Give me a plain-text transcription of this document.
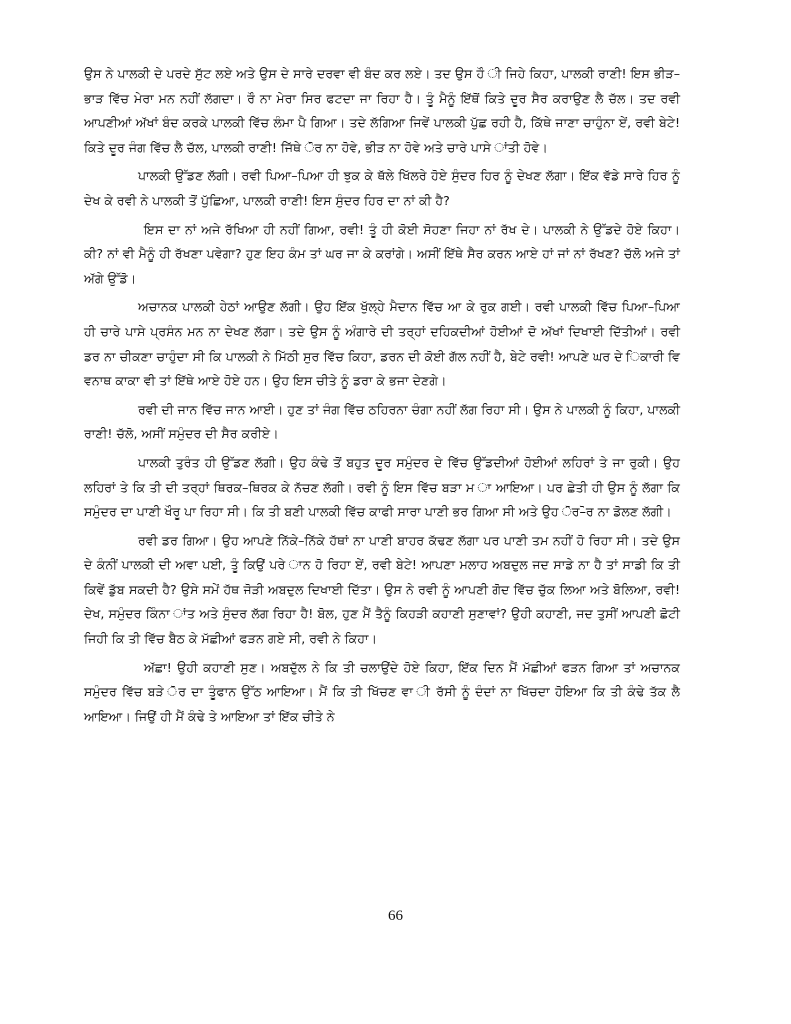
ਉਸ ਨੇ ਪਾਲਕੀ ਦੇ ਪਰਦੇ ਸੁੱਟ ਲਏ ਅਤੇ ਉਸ ਦੇ ਸਾਰੇ ਦਰਵਾ ਵੀ ਬੰਦ ਕਰ ਲਏ। ਤਦ ਉਸ ਹੌ ੀ ਜਿਹੇ ਕਿਹਾ, ਪਾਲਕੀ ਰਾਣੀ! ਇਸ ਭੀੜ–ਭਾੜ ਵਿੱਚ ਮੇਰਾ ਮਨ ਨਹੀਂ ਲੱਗਦਾ। ਰੌ ਨਾ ਮੇਰਾ ਸਿਰ ਫਟਦਾ ਜਾ ਰਿਹਾ ਹੈ। ਤੂੰ ਮੈਨੂੰ ਇੱਥੋਂ ਕਿਤੇ ਦੂਰ ਸੈਰ ਕਰਾਉਣ ਲੈ ਚੱਲ। ਤਦ ਰਵੀ ਆਪਣੀਆਂ ਅੱਖਾਂ ਬੰਦ ਕਰਕੇ ਪਾਲਕੀ ਵਿੱਚ ਲੰਮਾ ਪੈ ਗਿਆ। ਤਦੇ ਲੱਗਿਆ ਜਿਵੇਂ ਪਾਲਕੀ ਪੁੱਛ ਰਹੀ ਹੈ, ਕਿੱਥੇ ਜਾਣਾ ਚਾਹੁੰਨਾ ਏਂ, ਰਵੀ ਬੇਟੇ! ਕਿਤੇ ਦੂਰ ਜੰਗ ਵਿੱਚ ਲੈ ਚੱਲ, ਪਾਲਕੀ ਰਾਣੀ! ਜਿੱਥੇ ੋਰ ਨਾ ਹੋਵੇ, ਭੀੜ ਨਾ ਹੋਵੇ ਅਤੇ ਚਾਰੇ ਪਾਸੇ ਾਂਤੀ ਹੋਵੇ।

ਪਾਲਕੀ ਉੱਡਣ ਲੱਗੀ। ਰਵੀ ਪਿਆ–ਪਿਆ ਹੀ ਝੁਕ ਕੇ ਥੱਲੇ ਖਿੱਲਰੇ ਹੋਏ ਸੁੰਦਰ ਹਿਰ ਨੂੰ ਦੇਖਣ ਲੱਗਾ। ਇੱਕ ਵੱਡੇ ਸਾਰੇ ਹਿਰ ਨੂੰ ਦੇਖ ਕੇ ਰਵੀ ਨੇ ਪਾਲਕੀ ਤੋਂ ਪੁੱਛਿਆ, ਪਾਲਕੀ ਰਾਣੀ! ਇਸ ਸੁੰਦਰ ਹਿਰ ਦਾ ਨਾਂ ਕੀ ਹੈ?

ਇਸ ਦਾ ਨਾਂ ਅਜੇ ਰੱਖਿਆ ਹੀ ਨਹੀਂ ਗਿਆ, ਰਵੀ! ਤੂੰ ਹੀ ਕੋਈ ਸੋਹਣਾ ਜਿਹਾ ਨਾਂ ਰੱਖ ਦੇ। ਪਾਲਕੀ ਨੇ ਉੱਡਦੇ ਹੋਏ ਕਿਹਾ। ਕੀ? ਨਾਂ ਵੀ ਮੈਨੂੰ ਹੀ ਰੱਖਣਾ ਪਵੇਗਾ? ਹੁਣ ਇਹ ਕੰਮ ਤਾਂ ਘਰ ਜਾ ਕੇ ਕਰਾਂਗੇ। ਅਸੀਂ ਇੱਥੇ ਸੈਰ ਕਰਨ ਆਏ ਹਾਂ ਜਾਂ ਨਾਂ ਰੱਖਣ? ਚੱਲੋ ਅਜੇ ਤਾਂ ਅੱਗੇ ਉੱਡੋ।

ਅਚਾਨਕ ਪਾਲਕੀ ਹੇਠਾਂ ਆਉਣ ਲੱਗੀ। ਉਹ ਇੱਕ ਖੁੱਲ੍ਹੇ ਮੈਦਾਨ ਵਿੱਚ ਆ ਕੇ ਰੁਕ ਗਈ। ਰਵੀ ਪਾਲਕੀ ਵਿੱਚ ਪਿਆ–ਪਿਆ ਹੀ ਚਾਰੇ ਪਾਸੇ ਪ੍ਰਸੰਨ ਮਨ ਨਾ ਦੇਖਣ ਲੱਗਾ। ਤਦੇ ਉਸ ਨੂੰ ਅੰਗਾਰੇ ਦੀ ਤਰ੍ਹਾਂ ਦਹਿਕਦੀਆਂ ਹੋਈਆਂ ਦੋ ਅੱਖਾਂ ਦਿਖਾਈ ਦਿੱਤੀਆਂ। ਰਵੀ ਡਰ ਨਾ ਚੀਕਣਾ ਚਾਹੁੰਦਾ ਸੀ ਕਿ ਪਾਲਕੀ ਨੇ ਮਿੱਠੀ ਸੁਰ ਵਿੱਚ ਕਿਹਾ, ਡਰਨ ਦੀ ਕੋਈ ਗੱਲ ਨਹੀਂ ਹੈ, ਬੇਟੇ ਰਵੀ! ਆਪਣੇ ਘਰ ਦੇ ਿਕਾਰੀ ਵਿ ਵਨਾਥ ਕਾਕਾ ਵੀ ਤਾਂ ਇੱਥੇ ਆਏ ਹੋਏ ਹਨ। ਉਹ ਇਸ ਚੀਤੇ ਨੂੰ ਡਰਾ ਕੇ ਭਜਾ ਦੇਣਗੇ।

ਰਵੀ ਦੀ ਜਾਨ ਵਿੱਚ ਜਾਨ ਆਈ। ਹੁਣ ਤਾਂ ਜੰਗ ਵਿੱਚ ਠਹਿਰਨਾ ਚੰਗਾ ਨਹੀਂ ਲੱਗ ਰਿਹਾ ਸੀ। ਉਸ ਨੇ ਪਾਲਕੀ ਨੂੰ ਕਿਹਾ, ਪਾਲਕੀ ਰਾਣੀ! ਚੱਲੋ, ਅਸੀਂ ਸਮੁੰਦਰ ਦੀ ਸੈਰ ਕਰੀਏ।

ਪਾਲਕੀ ਤੁਰੰਤ ਹੀ ਉੱਡਣ ਲੱਗੀ। ਉਹ ਕੰਢੇ ਤੋਂ ਬਹੁਤ ਦੂਰ ਸਮੁੰਦਰ ਦੇ ਵਿੱਚ ਉੱਡਦੀਆਂ ਹੋਈਆਂ ਲਹਿਰਾਂ ਤੇ ਜਾ ਰੁਕੀ। ਉਹ ਲਹਿਰਾਂ ਤੇ ਕਿ ਤੀ ਦੀ ਤਰ੍ਹਾਂ ਥਿਰਕ–ਥਿਰਕ ਕੇ ਨੱਚਣ ਲੱਗੀ। ਰਵੀ ਨੂੰ ਇਸ ਵਿੱਚ ਬੜਾ ਮ ਾ ਆਇਆ। ਪਰ ਛੇਤੀ ਹੀ ਉਸ ਨੂੰ ਲੱਗਾ ਕਿ ਸਮੁੰਦਰ ਦਾ ਪਾਣੀ ਖੌਰੂ ਪਾ ਰਿਹਾ ਸੀ। ਕਿ ਤੀ ਬਣੀ ਪਾਲਕੀ ਵਿੱਚ ਕਾਫੀ ਸਾਰਾ ਪਾਣੀ ਭਰ ਗਿਆ ਸੀ ਅਤੇ ਉਹ ੋਰ–ੋਰ ਨਾ ਡੋਲਣ ਲੱਗੀ।

ਰਵੀ ਡਰ ਗਿਆ। ਉਹ ਆਪਣੇ ਨਿੱਕੇ–ਨਿੱਕੇ ਹੱਥਾਂ ਨਾ ਪਾਣੀ ਬਾਹਰ ਕੱਢਣ ਲੱਗਾ ਪਰ ਪਾਣੀ ਤਮ ਨਹੀਂ ਹੋ ਰਿਹਾ ਸੀ। ਤਦੇ ਉਸ ਦੇ ਕੰਨੀਂ ਪਾਲਕੀ ਦੀ ਅਵਾ ਪਈ, ਤੂੰ ਕਿਉਂ ਪਰੇ ਾਨ ਹੋ ਰਿਹਾ ਏਂ, ਰਵੀ ਬੇਟੇ! ਆਪਣਾ ਮਲਾਹ ਅਬਦੁਲ ਜਦ ਸਾਡੇ ਨਾ ਹੈ ਤਾਂ ਸਾਡੀ ਕਿ ਤੀ ਕਿਵੇਂ ਡੁੱਬ ਸਕਦੀ ਹੈ? ਉਸੇ ਸਮੇਂ ਹੱਥ ਜੋੜੀ ਅਬਦੁਲ ਦਿਖਾਈ ਦਿੱਤਾ। ਉਸ ਨੇ ਰਵੀ ਨੂੰ ਆਪਣੀ ਗੋਦ ਵਿੱਚ ਚੁੱਕ ਲਿਆ ਅਤੇ ਬੋਲਿਆ, ਰਵੀ! ਦੇਖ, ਸਮੁੰਦਰ ਕਿੰਨਾ ਾਂਤ ਅਤੇ ਸੁੰਦਰ ਲੱਗ ਰਿਹਾ ਹੈ! ਬੋਲ, ਹੁਣ ਮੈਂ ਤੈਨੂੰ ਕਿਹੜੀ ਕਹਾਣੀ ਸੁਣਾਵਾਂ? ਉਹੀ ਕਹਾਣੀ, ਜਦ ਤੁਸੀਂ ਆਪਣੀ ਛੋਟੀ ਜਿਹੀ ਕਿ ਤੀ ਵਿੱਚ ਬੈਠ ਕੇ ਮੱਛੀਆਂ ਫੜਨ ਗਏ ਸੀ, ਰਵੀ ਨੇ ਕਿਹਾ।

ਅੱਛਾ! ਉਹੀ ਕਹਾਣੀ ਸੁਣ। ਅਬਦੁੱਲ ਨੇ ਕਿ ਤੀ ਚਲਾਉਂਦੇ ਹੋਏ ਕਿਹਾ, ਇੱਕ ਦਿਨ ਮੈਂ ਮੱਛੀਆਂ ਫੜਨ ਗਿਆ ਤਾਂ ਅਚਾਨਕ ਸਮੁੰਦਰ ਵਿੱਚ ਬੜੇ ੋਰ ਦਾ ਤੂੰਫਾਨ ਉੱਠ ਆਇਆ। ਮੈਂ ਕਿ ਤੀ ਖਿੱਚਣ ਵਾ ੀ ਰੱਸੀ ਨੂੰ ਦੰਦਾਂ ਨਾ ਖਿੱਚਦਾ ਹੋਇਆ ਕਿ ਤੀ ਕੰਢੇ ਤੱਕ ਲੈ ਆਇਆ। ਜਿਉਂ ਹੀ ਮੈਂ ਕੰਢੇ ਤੇ ਆਇਆ ਤਾਂ ਇੱਕ ਚੀਤੇ ਨੇ

66
